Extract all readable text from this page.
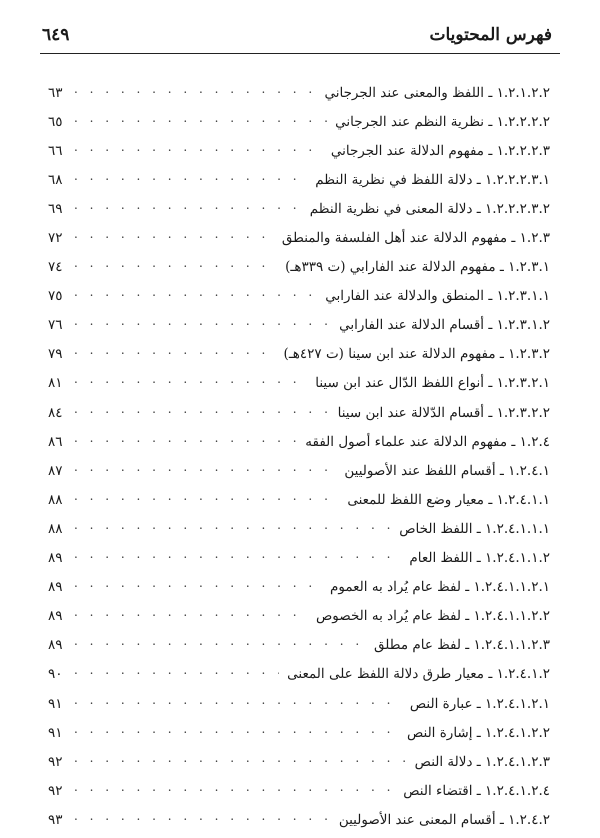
فهرس المحتويات
٦٤٩
١.٢.١.٢.٢ ـ اللفظ والمعنى عند الجرجاني
. . .
٦٣
١.٢.٢.٢.٢ ـ نظرية النظم عند الجرجاني
. . .
٦٥
١.٢.٢.٢.٣ ـ مفهوم الدلالة عند الجرجاني
. . .
٦٦
١.٢.٢.٢.٣.١ ـ دلالة اللفظ في نظرية النظم
. . .
٦٨
١.٢.٢.٢.٣.٢ ـ دلالة المعنى في نظرية النظم
. . .
٦٩
١.٢.٣ ـ مفهوم الدلالة عند أهل الفلسفة والمنطق
. . .
٧٢
١.٢.٣.١ ـ مفهوم الدلالة عند الفارابي (ت ٣٣٩هـ)
. . .
٧٤
١.٢.٣.١.١ ـ المنطق والدلالة عند الفارابي
. . .
٧٥
١.٢.٣.١.٢ ـ أقسام الدلالة عند الفارابي
. . .
٧٦
١.٢.٣.٢ ـ مفهوم الدلالة عند ابن سينا (ت ٤٢٧هـ)
. . .
٧٩
١.٢.٣.٢.١ ـ أنواع اللفظ الدّال عند ابن سينا
. . .
٨١
١.٢.٣.٢.٢ ـ أقسام الدّلالة عند ابن سينا
. . .
٨٤
١.٢.٤ ـ مفهوم الدلالة عند علماء أصول الفقه
. . .
٨٦
١.٢.٤.١ ـ أقسام اللفظ عند الأصوليين
. . .
٨٧
١.٢.٤.١.١ ـ معيار وضع اللفظ للمعنى
. . .
٨٨
١.٢.٤.١.١.١ ـ اللفظ الخاص
. . .
٨٨
١.٢.٤.١.١.٢ ـ اللفظ العام
. . .
٨٩
١.٢.٤.١.١.٢.١ ـ لفظ عام يُراد به العموم
. . .
٨٩
١.٢.٤.١.١.٢.٢ ـ لفظ عام يُراد به الخصوص
. . .
٨٩
١.٢.٤.١.١.٢.٣ ـ لفظ عام مطلق
. . .
٨٩
١.٢.٤.١.٢ ـ معيار طرق دلالة اللفظ على المعنى
. . .
٩٠
١.٢.٤.١.٢.١ ـ عبارة النص
. . .
٩١
١.٢.٤.١.٢.٢ ـ إشارة النص
. . .
٩١
١.٢.٤.١.٢.٣ ـ دلالة النص
. . .
٩٢
١.٢.٤.١.٢.٤ ـ اقتضاء النص
. . .
٩٢
١.٢.٤.٢ ـ أقسام المعنى عند الأصوليين
. . .
٩٣
